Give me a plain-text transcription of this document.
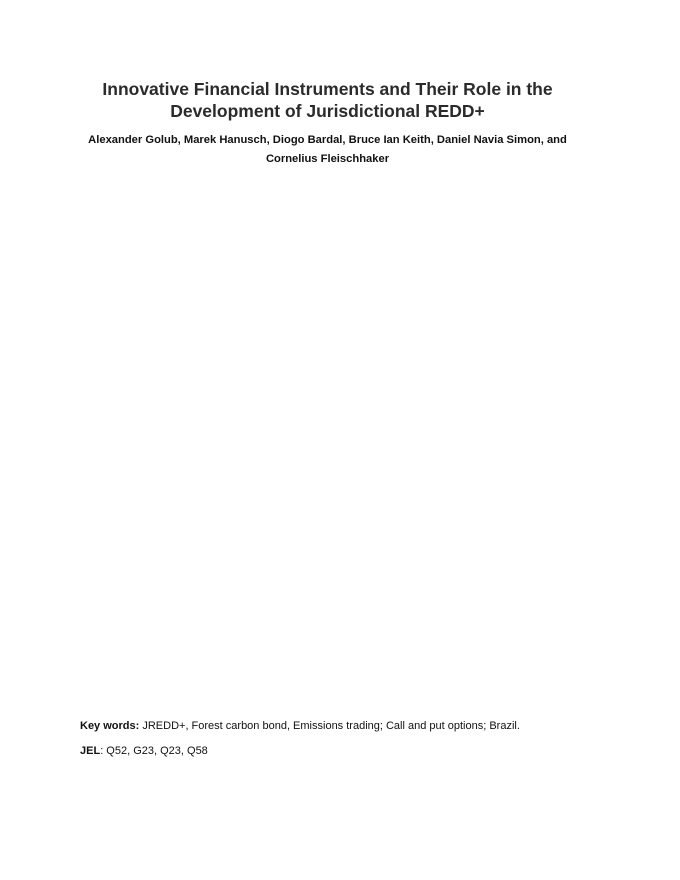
Innovative Financial Instruments and Their Role in the
Development of Jurisdictional REDD+
Alexander Golub, Marek Hanusch, Diogo Bardal, Bruce Ian Keith, Daniel Navia Simon, and
Cornelius Fleischhaker

Key words: JREDD+, Forest carbon bond, Emissions trading; Call and put options; Brazil.

JEL: Q52, G23, Q23, Q58
